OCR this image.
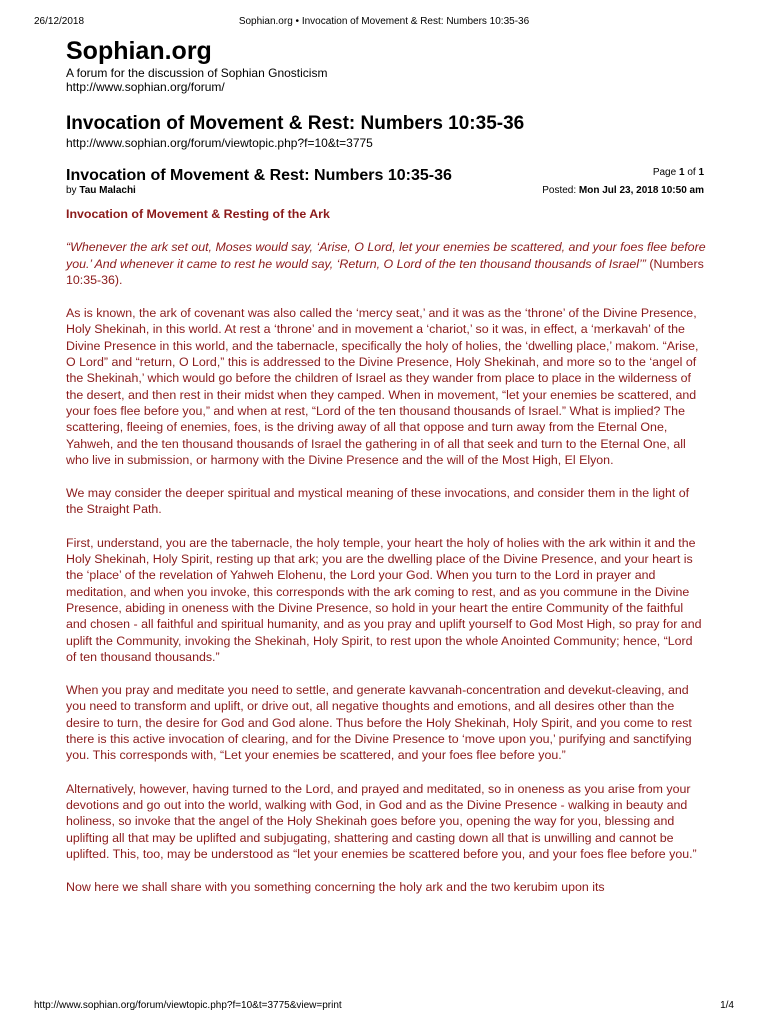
26/12/2018	Sophian.org • Invocation of Movement & Rest: Numbers 10:35-36
Sophian.org
A forum for the discussion of Sophian Gnosticism
http://www.sophian.org/forum/
Invocation of Movement & Rest: Numbers 10:35-36
http://www.sophian.org/forum/viewtopic.php?f=10&t=3775
Invocation of Movement & Rest: Numbers 10:35-36	Page 1 of 1
by Tau Malachi	Posted: Mon Jul 23, 2018 10:50 am
Invocation of Movement & Resting of the Ark

“Whenever the ark set out, Moses would say, ‘Arise, O Lord, let your enemies be scattered, and your foes flee before you.’ And whenever it came to rest he would say, ‘Return, O Lord of the ten thousand thousands of Israel’” (Numbers 10:35-36).

As is known, the ark of covenant was also called the ‘mercy seat,’ and it was as the ‘throne’ of the Divine Presence, Holy Shekinah, in this world. At rest a ‘throne’ and in movement a ‘chariot,’ so it was, in effect, a ‘merkavah’ of the Divine Presence in this world, and the tabernacle, specifically the holy of holies, the ‘dwelling place,’ makom. “Arise, O Lord” and “return, O Lord,” this is addressed to the Divine Presence, Holy Shekinah, and more so to the ‘angel of the Shekinah,’ which would go before the children of Israel as they wander from place to place in the wilderness of the desert, and then rest in their midst when they camped. When in movement, “let your enemies be scattered, and your foes flee before you,” and when at rest, “Lord of the ten thousand thousands of Israel.” What is implied? The scattering, fleeing of enemies, foes, is the driving away of all that oppose and turn away from the Eternal One, Yahweh, and the ten thousand thousands of Israel the gathering in of all that seek and turn to the Eternal One, all who live in submission, or harmony with the Divine Presence and the will of the Most High, El Elyon.

We may consider the deeper spiritual and mystical meaning of these invocations, and consider them in the light of the Straight Path.

First, understand, you are the tabernacle, the holy temple, your heart the holy of holies with the ark within it and the Holy Shekinah, Holy Spirit, resting up that ark; you are the dwelling place of the Divine Presence, and your heart is the ‘place’ of the revelation of Yahweh Elohenu, the Lord your God. When you turn to the Lord in prayer and meditation, and when you invoke, this corresponds with the ark coming to rest, and as you commune in the Divine Presence, abiding in oneness with the Divine Presence, so hold in your heart the entire Community of the faithful and chosen - all faithful and spiritual humanity, and as you pray and uplift yourself to God Most High, so pray for and uplift the Community, invoking the Shekinah, Holy Spirit, to rest upon the whole Anointed Community; hence, “Lord of ten thousand thousands.”

When you pray and meditate you need to settle, and generate kavvanah-concentration and devekut-cleaving, and you need to transform and uplift, or drive out, all negative thoughts and emotions, and all desires other than the desire to turn, the desire for God and God alone. Thus before the Holy Shekinah, Holy Spirit, and you come to rest there is this active invocation of clearing, and for the Divine Presence to ‘move upon you,’ purifying and sanctifying you. This corresponds with, “Let your enemies be scattered, and your foes flee before you.”

Alternatively, however, having turned to the Lord, and prayed and meditated, so in oneness as you arise from your devotions and go out into the world, walking with God, in God and as the Divine Presence - walking in beauty and holiness, so invoke that the angel of the Holy Shekinah goes before you, opening the way for you, blessing and uplifting all that may be uplifted and subjugating, shattering and casting down all that is unwilling and cannot be uplifted. This, too, may be understood as “let your enemies be scattered before you, and your foes flee before you.”

Now here we shall share with you something concerning the holy ark and the two kerubim upon its

http://www.sophian.org/forum/viewtopic.php?f=10&t=3775&view=print	1/4
